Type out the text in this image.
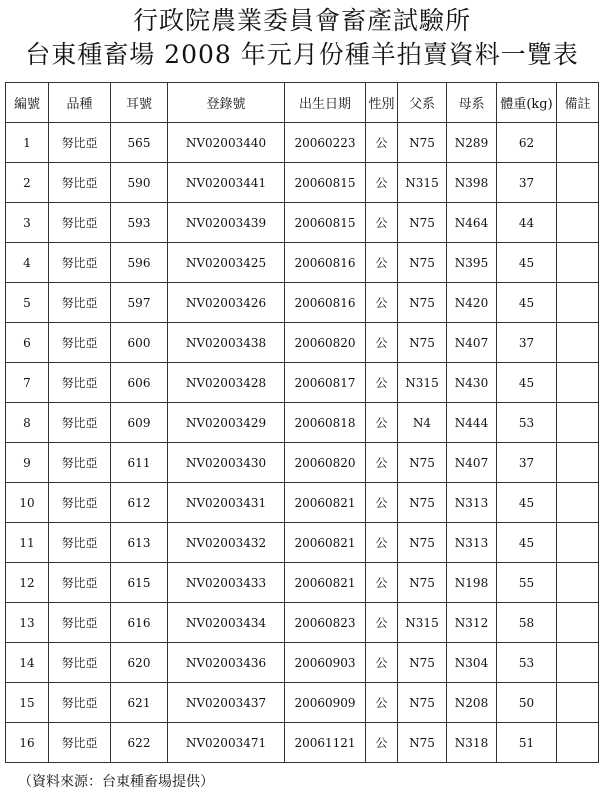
行政院農業委員會畜產試驗所
台東種畜場 2008 年元月份種羊拍賣資料一覽表
編號	品種	耳號	登錄號	出生日期	性別	父系	母系	體重(kg)	備註
1	努比亞	565	NV02003440	20060223	公	N75	N289	62	
2	努比亞	590	NV02003441	20060815	公	N315	N398	37	
3	努比亞	593	NV02003439	20060815	公	N75	N464	44	
4	努比亞	596	NV02003425	20060816	公	N75	N395	45	
5	努比亞	597	NV02003426	20060816	公	N75	N420	45	
6	努比亞	600	NV02003438	20060820	公	N75	N407	37	
7	努比亞	606	NV02003428	20060817	公	N315	N430	45	
8	努比亞	609	NV02003429	20060818	公	N4	N444	53	
9	努比亞	611	NV02003430	20060820	公	N75	N407	37	
10	努比亞	612	NV02003431	20060821	公	N75	N313	45	
11	努比亞	613	NV02003432	20060821	公	N75	N313	45	
12	努比亞	615	NV02003433	20060821	公	N75	N198	55	
13	努比亞	616	NV02003434	20060823	公	N315	N312	58	
14	努比亞	620	NV02003436	20060903	公	N75	N304	53	
15	努比亞	621	NV02003437	20060909	公	N75	N208	50	
16	努比亞	622	NV02003471	20061121	公	N75	N318	51	
（資料來源：台東種畜場提供）
